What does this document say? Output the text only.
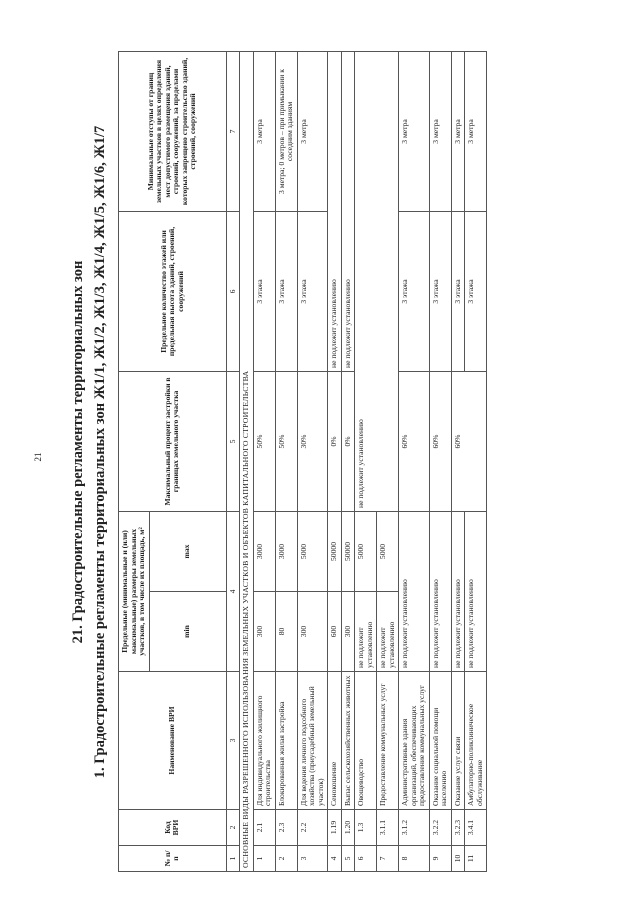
21 21. Градостроительные регламенты территориальных зон 1. Градостроительные регламенты территориальных зон Ж1/1, Ж1/2, Ж1/3, Ж1/4, Ж1/5, Ж1/6, Ж1/7
№ п/п	Код ВРИ	Наименование ВРИ	Предельные (минимальные и (или) максимальные) размеры земельных участков, в том числе их площадь, м²		Максимальный процент застройки в границах земельного участка	Предельное количество этажей или предельная высота зданий, строений, сооружений	Минимальные отступы от границ земельных участков в целях определения мест допустимого размещения зданий, строений, сооружений, за пределами которых запрещено строительство зданий, строений, сооружений
			min	max			
1	2	3	4		5	6	7
ОСНОВНЫЕ ВИДЫ РАЗРЕШЕННОГО ИСПОЛЬЗОВАНИЯ ЗЕМЕЛЬНЫХ УЧАСТКОВ И ОБЪЕКТОВ КАПИТАЛЬНОГО СТРОИТЕЛЬСТВА							
1	2.1	Для индивидуального жилищного строительства	300	3000	50%	3 этажа	3 метра
2	2.3	Блокированная жилая застройка	80	3000	50%	3 этажа	3 метра; 0 метров – при примыкании к соседним зданиям
3	2.2	Для ведения личного подсобного хозяйства (приусадебный земельный участок)	300	5000	30%	3 этажа	3 метра
4	1.19	Сенокошение	600	50000	0%	не подлежит установлению	
5	1.20	Выпас сельскохозяйственных животных	300	50000	0%	не подлежит установлению	
6	1.3	Овощеводство	не подлежит установлению	5000	не подлежит установлению		
7	3.1.1	Предоставление коммунальных услуг	не подлежит установлению	5000			
8	3.1.2	Административные здания организаций, обеспечивающих предоставление коммунальных услуг	не подлежит установлению		60%	3 этажа	3 метра
9	3.2.2	Оказание социальной помощи населению	не подлежит установлению		60%	3 этажа	3 метра
10	3.2.3	Оказание услуг связи	не подлежит установлению		60%	3 этажа	3 метра
11	3.4.1	Амбулаторно-поликлиническое обслуживание	не подлежит установлению			3 этажа	3 метра
